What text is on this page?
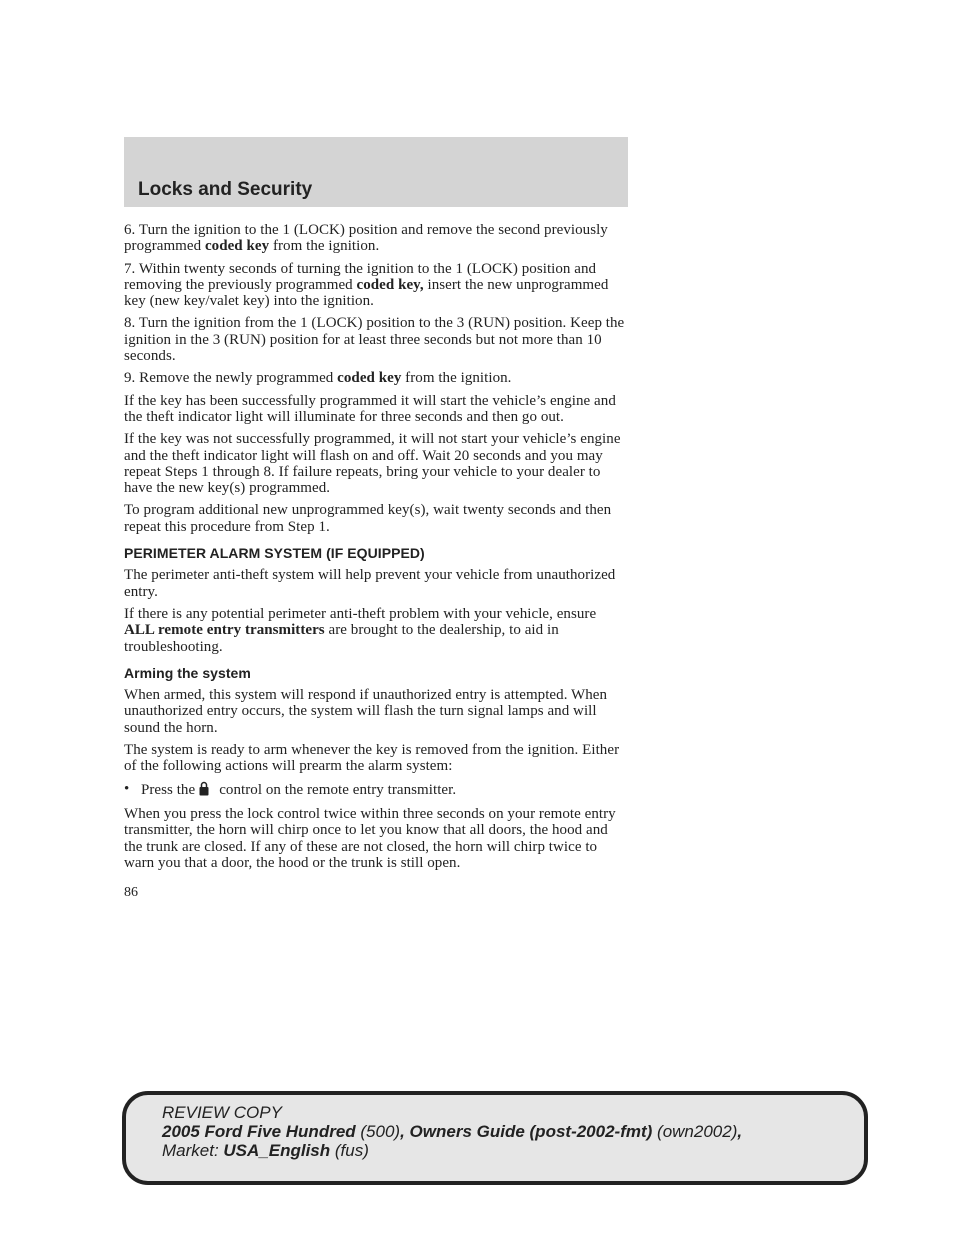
Locks and Security

6. Turn the ignition to the 1 (LOCK) position and remove the second previously programmed coded key from the ignition.

7. Within twenty seconds of turning the ignition to the 1 (LOCK) position and removing the previously programmed coded key, insert the new unprogrammed key (new key/valet key) into the ignition.

8. Turn the ignition from the 1 (LOCK) position to the 3 (RUN) position. Keep the ignition in the 3 (RUN) position for at least three seconds but not more than 10 seconds.

9. Remove the newly programmed coded key from the ignition.

If the key has been successfully programmed it will start the vehicle’s engine and the theft indicator light will illuminate for three seconds and then go out.

If the key was not successfully programmed, it will not start your vehicle’s engine and the theft indicator light will flash on and off. Wait 20 seconds and you may repeat Steps 1 through 8. If failure repeats, bring your vehicle to your dealer to have the new key(s) programmed.

To program additional new unprogrammed key(s), wait twenty seconds and then repeat this procedure from Step 1.

PERIMETER ALARM SYSTEM (IF EQUIPPED)

The perimeter anti-theft system will help prevent your vehicle from unauthorized entry.

If there is any potential perimeter anti-theft problem with your vehicle, ensure ALL remote entry transmitters are brought to the dealership, to aid in troubleshooting.

Arming the system

When armed, this system will respond if unauthorized entry is attempted. When unauthorized entry occurs, the system will flash the turn signal lamps and will sound the horn.

The system is ready to arm whenever the key is removed from the ignition. Either of the following actions will prearm the alarm system:

• Press the control on the remote entry transmitter.

When you press the lock control twice within three seconds on your remote entry transmitter, the horn will chirp once to let you know that all doors, the hood and the trunk are closed. If any of these are not closed, the horn will chirp twice to warn you that a door, the hood or the trunk is still open.

86
REVIEW COPY
2005 Ford Five Hundred (500), Owners Guide (post-2002-fmt) (own2002),
Market: USA_English (fus)
